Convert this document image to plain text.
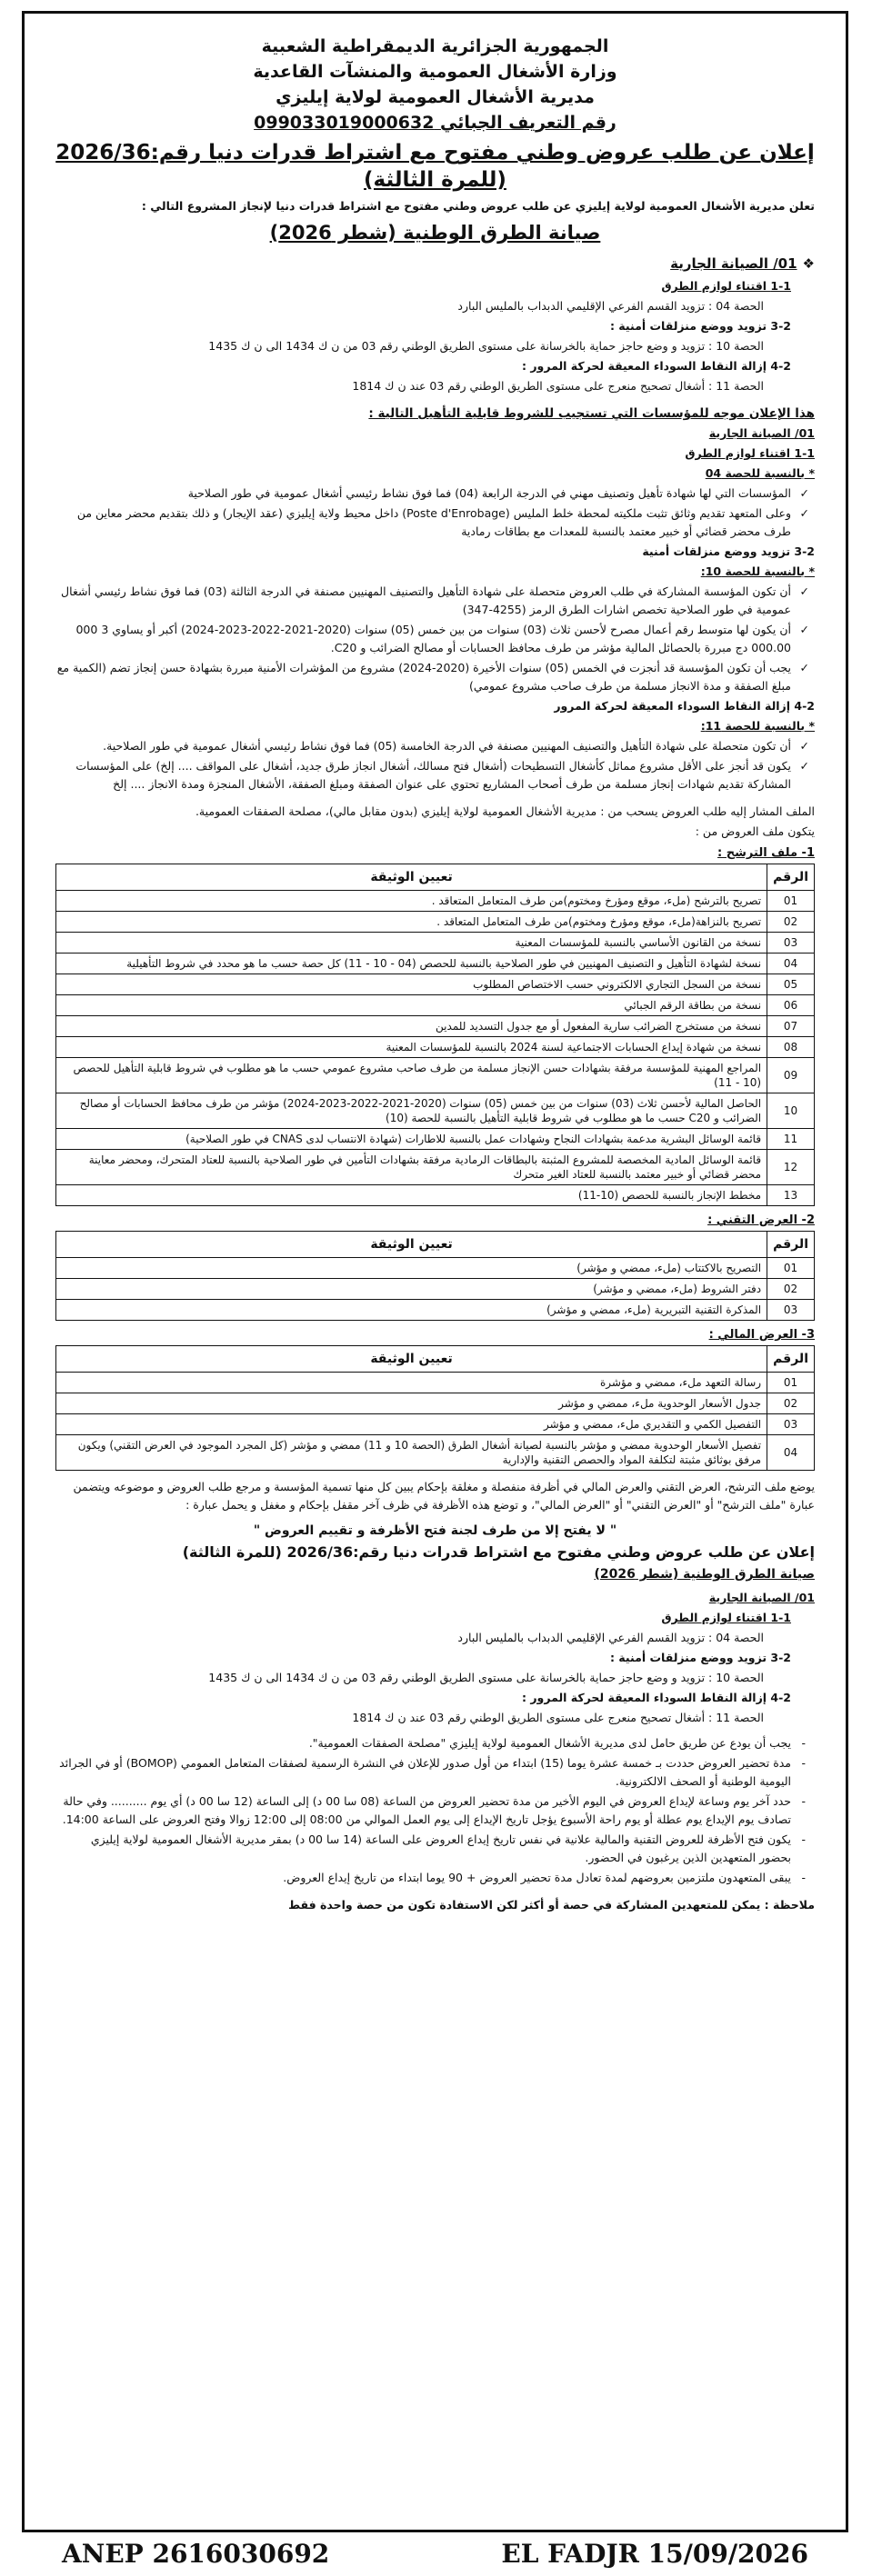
الجمهورية الجزائرية الديمقراطية الشعبية
وزارة الأشغال العمومية والمنشآت القاعدية
مديرية الأشغال العمومية لولاية إيليزي
رقم التعريف الجبائي 099033019000632
إعلان عن طلب عروض وطني مفتوح مع اشتراط قدرات دنيا رقم:2026/36 (للمرة الثالثة)
تعلن مديرية الأشغال العمومية لولاية إيليزي عن طلب عروض وطني مفتوح مع اشتراط قدرات دنيا لإنجاز المشروع التالي :
صيانة الطرق الوطنية (شطر 2026)
❖01/ الصيانة الجارية
1-1 اقتناء لوازم الطرق
الحصة 04 : تزويد القسم الفرعي الإقليمي الدبداب بالمليس البارد
3-2 تزويد ووضع منزلقات أمنية :
الحصة 10 : تزويد و وضع حاجز حماية بالخرسانة على مستوى الطريق الوطني رقم 03 من ن ك 1434 الى ن ك 1435
4-2 إزالة النقاط السوداء المعيقة لحركة المرور :
الحصة 11 : أشغال تصحيح منعرج على مستوى الطريق الوطني رقم 03 عند ن ك 1814
هذا الإعلان موجه للمؤسسات التي تستجيب للشروط قابلية التأهيل التالية :
01/ الصيانة الجارية
1-1 اقتناء لوازم الطرق
* بالنسبة للحصة 04
✓ المؤسسات التي لها شهادة تأهيل وتصنيف مهني في الدرجة الرابعة (04) فما فوق نشاط رئيسي أشغال عمومية في طور الصلاحية
✓ وعلى المتعهد تقديم وثائق تثبت ملكيته لمحطة خلط المليس (Poste d'Enrobage) داخل محيط ولاية إيليزي (عقد الإيجار) و ذلك بتقديم محضر معاين من طرف محضر قضائي أو خبير معتمد بالنسبة للمعدات مع بطاقات رمادية
3-2 تزويد ووضع منزلقات أمنية
* بالنسبة للحصة 10:
✓ أن تكون المؤسسة المشاركة في طلب العروض متحصلة على شهادة التأهيل والتصنيف المهنيين مصنفة في الدرجة الثالثة (03) فما فوق نشاط رئيسي أشغال عمومية في طور الصلاحية تخصص اشارات الطرق الرمز (4255-347)
✓ أن يكون لها متوسط رقم أعمال مصرح لأحسن ثلاث (03) سنوات من بين خمس (05) سنوات (2020-2021-2022-2023-2024) أكبر أو يساوي 3 000 000.00 دج مبررة بالحصائل المالية مؤشر من طرف محافظ الحسابات أو مصالح الضرائب و C20.
✓ يجب أن تكون المؤسسة قد أنجزت في الخمس (05) سنوات الأخيرة (2020-2024) مشروع من المؤشرات الأمنية مبررة بشهادة حسن إنجاز تضم (الكمية مع مبلغ الصفقة و مدة الانجاز مسلمة من طرف صاحب مشروع عمومي)
4-2 إزالة النقاط السوداء المعيقة لحركة المرور
* بالنسبة للحصة 11:
✓ أن تكون متحصلة على شهادة التأهيل والتصنيف المهنيين مصنفة في الدرجة الخامسة (05) فما فوق نشاط رئيسي أشغال عمومية في طور الصلاحية.
✓ يكون قد أنجز على الأقل مشروع مماثل كأشغال التسطيحات (أشغال فتح مسالك، أشغال انجاز طرق جديد، أشغال على المواقف .... إلخ) على المؤسسات المشاركة تقديم شهادات إنجاز مسلمة من طرف أصحاب المشاريع تحتوي على عنوان الصفقة ومبلغ الصفقة، الأشغال المنجزة ومدة الانجاز .... إلخ
الملف المشار إليه طلب العروض يسحب من : مديرية الأشغال العمومية لولاية إيليزي (بدون مقابل مالي)، مصلحة الصفقات العمومية.
يتكون ملف العروض من :
1- ملف الترشح :
الرقم	تعيين الوثيقة
01	تصريح بالترشح (ملء، موقع ومؤرخ ومختوم)من طرف المتعامل المتعاقد .
02	تصريح بالنزاهة(ملء، موقع ومؤرخ ومختوم)من طرف المتعامل المتعاقد .
03	نسخة من القانون الأساسي بالنسبة للمؤسسات المعنية
04	نسخة لشهادة التأهيل و التصنيف المهنيين في طور الصلاحية بالنسبة للحصص (04 - 10 - 11) كل حصة حسب ما هو محدد في شروط التأهيلية
05	نسخة من السجل التجاري الالكتروني حسب الاختصاص المطلوب
06	نسخة من بطاقة الرقم الجبائي
07	نسخة من مستخرج الضرائب سارية المفعول أو مع جدول التسديد للمدين
08	نسخة من شهادة إيداع الحسابات الاجتماعية لسنة 2024 بالنسبة للمؤسسات المعنية
09	المراجع المهنية للمؤسسة مرفقة بشهادات حسن الإنجاز مسلمة من طرف صاحب مشروع عمومي حسب ما هو مطلوب في شروط قابلية التأهيل للحصص (10 - 11)
10	الحاصل المالية لأحسن ثلاث (03) سنوات من بين خمس (05) سنوات (2020-2021-2022-2023-2024) مؤشر من طرف محافظ الحسابات أو مصالح الضرائب و C20 حسب ما هو مطلوب في شروط قابلية التأهيل بالنسبة للحصة (10)
11	قائمة الوسائل البشرية مدعمة بشهادات النجاح وشهادات عمل بالنسبة للاطارات (شهادة الانتساب لدى CNAS في طور الصلاحية)
12	قائمة الوسائل المادية المخصصة للمشروع المثبتة بالبطاقات الرمادية مرفقة بشهادات التأمين في طور الصلاحية بالنسبة للعتاد المتحرك، ومحضر معاينة محضر قضائي أو خبير معتمد بالنسبة للعتاد الغير متحرك
13	مخطط الإنجاز بالنسبة للحصص (10-11)
2- العرض التقني :
الرقم	تعيين الوثيقة
01	التصريح بالاكتتاب (ملء، ممضي و مؤشر)
02	دفتر الشروط (ملء، ممضي و مؤشر)
03	المذكرة التقنية التبريرية (ملء، ممضي و مؤشر)
3- العرض المالي :
الرقم	تعيين الوثيقة
01	رسالة التعهد ملء، ممضي و مؤشرة
02	جدول الأسعار الوحدوية ملء، ممضي و مؤشر
03	التفصيل الكمي و التقديري ملء، ممضي و مؤشر
04	تفصيل الأسعار الوحدوية ممضي و مؤشر بالنسبة لصيانة أشغال الطرق (الحصة 10 و 11) ممضي و مؤشر (كل المجرد الموجود في العرض التقني) ويكون مرفق بوثائق مثبتة لتكلفة المواد والحصص التقنية والإدارية
يوضع ملف الترشح، العرض التقني والعرض المالي في أظرفة منفصلة و مغلقة بإحكام يبين كل منها تسمية المؤسسة و مرجع طلب العروض و موضوعه ويتضمن عبارة "ملف الترشح" أو "العرض التقني" أو "العرض المالي"، و توضع هذه الأظرفة في ظرف آخر مقفل بإحكام و مغفل و يحمل عبارة :
" لا يفتح إلا من طرف لجنة فتح الأظرفة و تقييم العروض "
إعلان عن طلب عروض وطني مفتوح مع اشتراط قدرات دنيا رقم:2026/36 (للمرة الثالثة)
صيانة الطرق الوطنية (شطر 2026)
01/ الصيانة الجارية
1-1 اقتناء لوازم الطرق
الحصة 04 : تزويد القسم الفرعي الإقليمي الدبداب بالمليس البارد
3-2 تزويد ووضع منزلقات أمنية :
الحصة 10 : تزويد و وضع حاجز حماية بالخرسانة على مستوى الطريق الوطني رقم 03 من ن ك 1434 الى ن ك 1435
4-2 إزالة النقاط السوداء المعيقة لحركة المرور :
الحصة 11 : أشغال تصحيح منعرج على مستوى الطريق الوطني رقم 03 عند ن ك 1814
- يجب أن يودع عن طريق حامل لدى مديرية الأشغال العمومية لولاية إيليزي "مصلحة الصفقات العمومية".
- مدة تحضير العروض حددت بـ خمسة عشرة يوما (15) ابتداء من أول صدور للإعلان في النشرة الرسمية لصفقات المتعامل العمومي (BOMOP) أو في الجرائد اليومية الوطنية أو الصحف الالكترونية.
- حدد آخر يوم وساعة لإيداع العروض في اليوم الأخير من مدة تحضير العروض من الساعة (08 سا 00 د) إلى الساعة (12 سا 00 د) أي يوم .......... وفي حالة تصادف يوم الإيداع يوم عطلة أو يوم راحة الأسبوع يؤجل تاريخ الإيداع إلى يوم العمل الموالي من 08:00 إلى 12:00 زوالا وفتح العروض على الساعة 14:00.
- يكون فتح الأظرفة للعروض التقنية والمالية علانية في نفس تاريخ إيداع العروض على الساعة (14 سا 00 د) بمقر مديرية الأشغال العمومية لولاية إيليزي بحضور المتعهدين الذين يرغبون في الحضور.
- يبقى المتعهدون ملتزمين بعروضهم لمدة تعادل مدة تحضير العروض + 90 يوما ابتداء من تاريخ إيداع العروض.
ملاحظة : يمكن للمتعهدين المشاركة في حصة أو أكثر لكن الاستفادة تكون من حصة واحدة فقط
ANEP 2616030692	EL FADJR 15/09/2026
